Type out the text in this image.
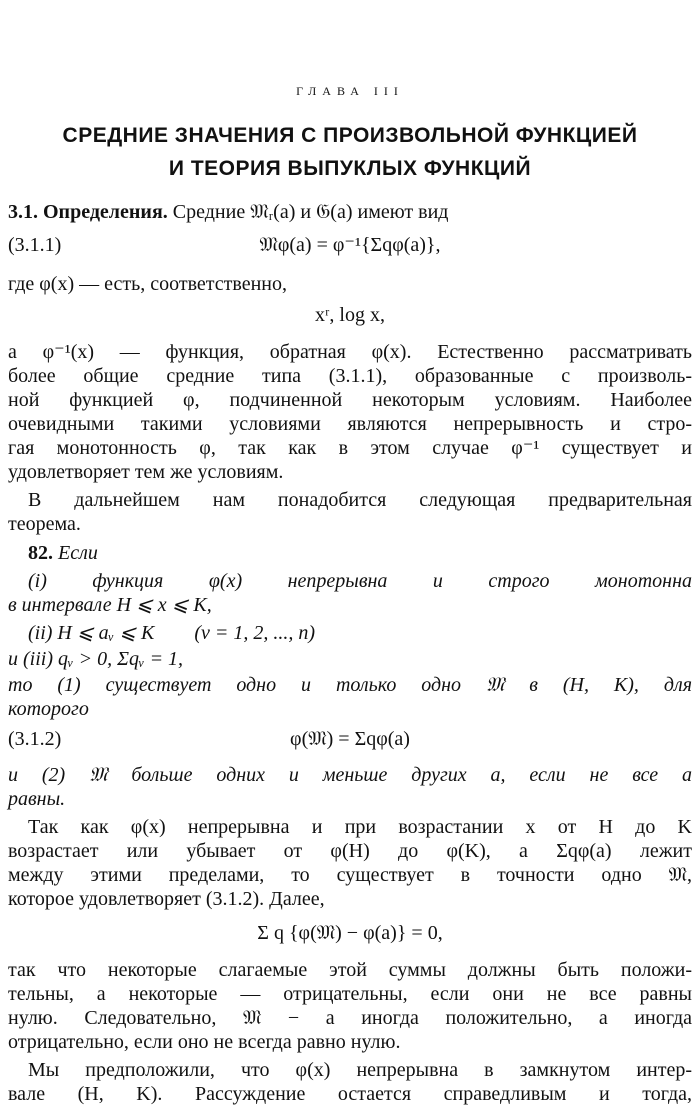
ГЛАВА III
СРЕДНИЕ ЗНАЧЕНИЯ С ПРОИЗВОЛЬНОЙ ФУНКЦИЕЙ
И ТЕОРИЯ ВЫПУКЛЫХ ФУНКЦИЙ

3.1. Определения. Средние 𝔐ᵣ(a) и 𝔊(a) имеют вид

(3.1.1)	𝔐φ(a) = φ⁻¹{Σqφ(a)},

где φ(x) — есть, соответственно,

xʳ, log x,

а φ⁻¹(x) — функция, обратная φ(x). Естественно рассматривать

более общие средние типа (3.1.1), образованные с произволь-

ной функцией φ, подчиненной некоторым условиям. Наиболее

очевидными такими условиями являются непрерывность и стро-

гая монотонность φ, так как в этом случае φ⁻¹ существует и

удовлетворяет тем же условиям.

В дальнейшем нам понадобится следующая предварительная

теорема.

82. Если

(i) функция φ(x) непрерывна и строго монотонна

в интервале H ⩽ x ⩽ K,

(ii) H ⩽ aᵥ ⩽ K        (ν = 1, 2, ..., n)

и (iii) qᵥ > 0, Σqᵥ = 1,

то (1) существует одно и только одно 𝔐 в (H, K), для

которого

(3.1.2)	φ(𝔐) = Σqφ(a)

и (2) 𝔐 больше одних и меньше других a, если не все a

равны.

Так как φ(x) непрерывна и при возрастании x от H до K

возрастает или убывает от φ(H) до φ(K), а Σqφ(a) лежит

между этими пределами, то существует в точности одно 𝔐,

которое удовлетворяет (3.1.2). Далее,

Σ q {φ(𝔐) − φ(a)} = 0,

так что некоторые слагаемые этой суммы должны быть положи-

тельны, а некоторые — отрицательны, если они не все равны

нулю. Следовательно, 𝔐 − a иногда положительно, а иногда

отрицательно, если оно не всегда равно нулю.

Мы предположили, что φ(x) непрерывна в замкнутом интер-

вале (H, K). Рассуждение остается справедливым и тогда,
